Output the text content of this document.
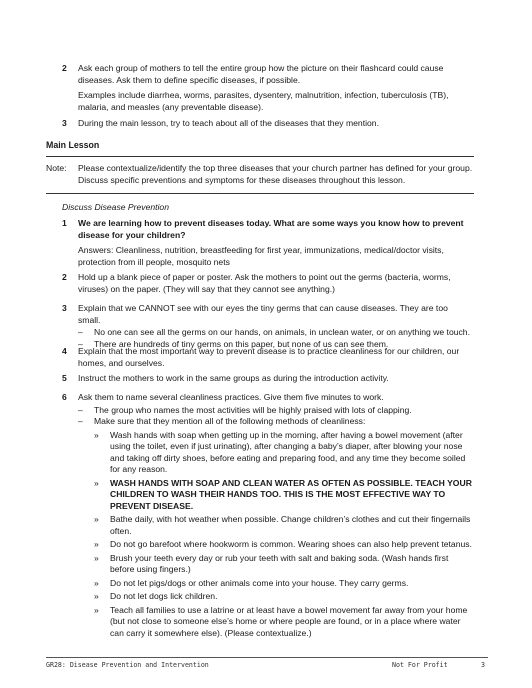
2 Ask each group of mothers to tell the entire group how the picture on their flashcard could cause diseases. Ask them to define specific diseases, if possible.

Examples include diarrhea, worms, parasites, dysentery, malnutrition, infection, tuberculosis (TB), malaria, and measles (any preventable disease).

3 During the main lesson, try to teach about all of the diseases that they mention.

Main Lesson
Note: Please contextualize/identify the top three diseases that your church partner has defined for your group. Discuss specific preventions and symptoms for these diseases throughout this lesson.
Discuss Disease Prevention
1 We are learning how to prevent diseases today. What are some ways you know how to prevent disease for your children?

Answers: Cleanliness, nutrition, breastfeeding for first year, immunizations, medical/doctor visits, protection from ill people, mosquito nets

2 Hold up a blank piece of paper or poster. Ask the mothers to point out the germs (bacteria, worms, viruses) on the paper. (They will say that they cannot see anything.)

3 Explain that we CANNOT see with our eyes the tiny germs that can cause diseases. They are too small.

– No one can see all the germs on our hands, on animals, in unclean water, or on anything we touch.
– There are hundreds of tiny germs on this paper, but none of us can see them.
4 Explain that the most important way to prevent disease is to practice cleanliness for our children, our homes, and ourselves.

5 Instruct the mothers to work in the same groups as during the introduction activity.

6 Ask them to name several cleanliness practices. Give them five minutes to work.

– The group who names the most activities will be highly praised with lots of clapping.
– Make sure that they mention all of the following methods of cleanliness:
» Wash hands with soap when getting up in the morning, after having a bowel movement (after using the toilet, even if just urinating), after changing a baby’s diaper, after blowing your nose and taking off dirty shoes, before eating and preparing food, and any time they become soiled for any reason.
» WASH HANDS WITH SOAP AND CLEAN WATER AS OFTEN AS POSSIBLE. TEACH YOUR CHILDREN TO WASH THEIR HANDS TOO. THIS IS THE MOST EFFECTIVE WAY TO PREVENT DISEASE.
» Bathe daily, with hot weather when possible. Change children’s clothes and cut their fingernails often.
» Do not go barefoot where hookworm is common. Wearing shoes can also help prevent tetanus.
» Brush your teeth every day or rub your teeth with salt and baking soda. (Wash hands first before using fingers.)
» Do not let pigs/dogs or other animals come into your house. They carry germs.
» Do not let dogs lick children.
» Teach all families to use a latrine or at least have a bowel movement far away from your home (but not close to someone else’s home or where people are found, or in a place where water can carry it somewhere else). (Please contextualize.)
GR28: Disease Prevention and Intervention	Not For Profit	3
